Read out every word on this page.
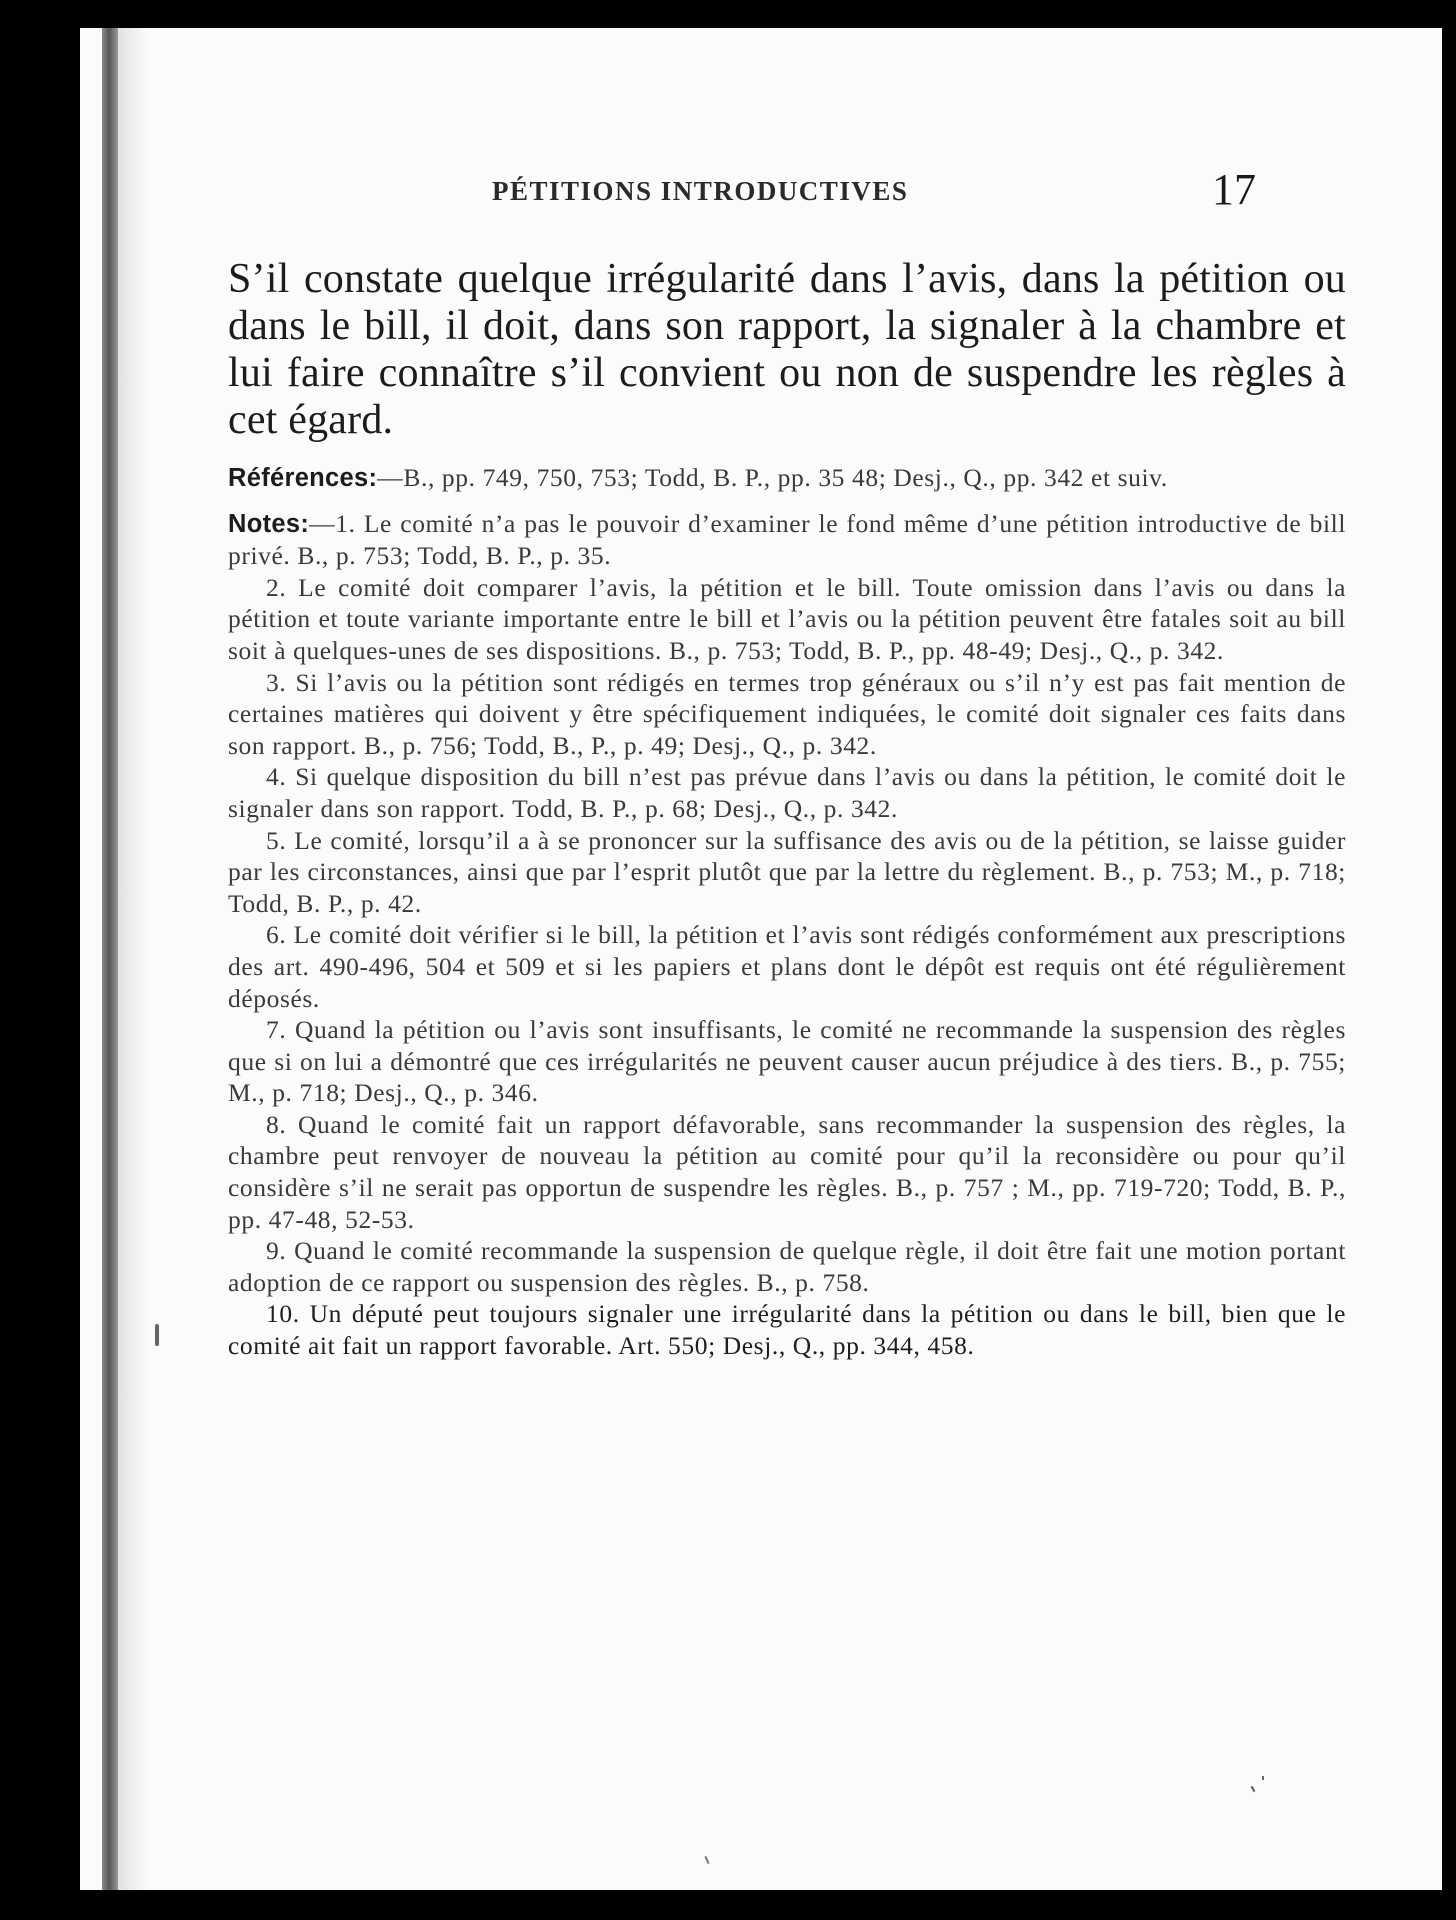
PÉTITIONS INTRODUCTIVES	17
S’il constate quelque irrégularité dans l’avis, dans la pétition ou dans le bill, il doit, dans son rapport, la signaler à la chambre et lui faire connaître s’il convient ou non de suspendre les règles à cet égard.

Références:—B., pp. 749, 750, 753; Todd, B. P., pp. 35 48; Desj., Q., pp. 342 et suiv.

Notes:—1. Le comité n’a pas le pouvoir d’examiner le fond même d’une pétition introductive de bill privé. B., p. 753; Todd, B. P., p. 35.

2. Le comité doit comparer l’avis, la pétition et le bill. Toute omission dans l’avis ou dans la pétition et toute variante importante entre le bill et l’avis ou la pétition peuvent être fatales soit au bill soit à quelques-unes de ses dispositions. B., p. 753; Todd, B. P., pp. 48-49; Desj., Q., p. 342.

3. Si l’avis ou la pétition sont rédigés en termes trop généraux ou s’il n’y est pas fait mention de certaines matières qui doivent y être spécifiquement indiquées, le comité doit signaler ces faits dans son rapport. B., p. 756; Todd, B., P., p. 49; Desj., Q., p. 342.

4. Si quelque disposition du bill n’est pas prévue dans l’avis ou dans la pétition, le comité doit le signaler dans son rapport. Todd, B. P., p. 68; Desj., Q., p. 342.

5. Le comité, lorsqu’il a à se prononcer sur la suffisance des avis ou de la pétition, se laisse guider par les circonstances, ainsi que par l’esprit plutôt que par la lettre du règlement. B., p. 753; M., p. 718; Todd, B. P., p. 42.

6. Le comité doit vérifier si le bill, la pétition et l’avis sont rédigés conformément aux prescriptions des art. 490-496, 504 et 509 et si les papiers et plans dont le dépôt est requis ont été régulièrement déposés.

7. Quand la pétition ou l’avis sont insuffisants, le comité ne recommande la suspension des règles que si on lui a démontré que ces irrégularités ne peuvent causer aucun préjudice à des tiers. B., p. 755; M., p. 718; Desj., Q., p. 346.

8. Quand le comité fait un rapport défavorable, sans recommander la suspension des règles, la chambre peut renvoyer de nouveau la pétition au comité pour qu’il la reconsidère ou pour qu’il considère s’il ne serait pas opportun de suspendre les règles. B., p. 757 ; M., pp. 719-720; Todd, B. P., pp. 47-48, 52-53.

9. Quand le comité recommande la suspension de quelque règle, il doit être fait une motion portant adoption de ce rapport ou suspension des règles. B., p. 758.

10. Un député peut toujours signaler une irrégularité dans la pétition ou dans le bill, bien que le comité ait fait un rapport favorable. Art. 550; Desj., Q., pp. 344, 458.
